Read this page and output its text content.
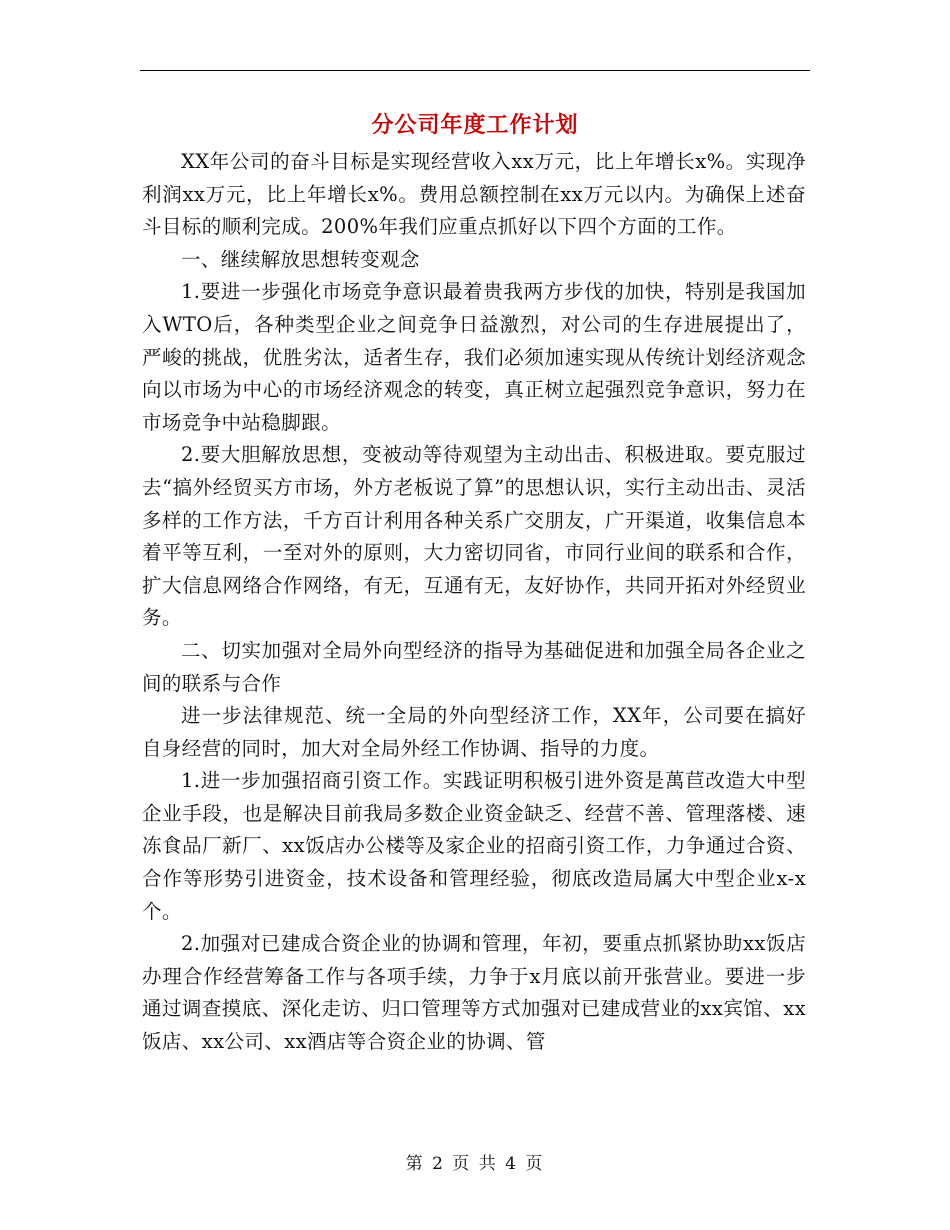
分公司年度工作计划

XX年公司的奋斗目标是实现经营收入xx万元，比上年增长x%。实现净利润xx万元，比上年增长x%。费用总额控制在xx万元以内。为确保上述奋斗目标的顺利完成。200%年我们应重点抓好以下四个方面的工作。

一、继续解放思想转变观念

1.要进一步强化市场竞争意识最着贵我两方步伐的加快，特别是我国加入WTO后，各种类型企业之间竞争日益激烈，对公司的生存进展提出了，严峻的挑战，优胜劣汰，适者生存，我们必须加速实现从传统计划经济观念向以市场为中心的市场经济观念的转变，真正树立起强烈竞争意识，努力在市场竞争中站稳脚跟。

2.要大胆解放思想，变被动等待观望为主动出击、积极进取。要克服过去“搞外经贸买方市场，外方老板说了算”的思想认识，实行主动出击、灵活多样的工作方法，千方百计利用各种关系广交朋友，广开渠道，收集信息本着平等互利，一至对外的原则，大力密切同省，市同行业间的联系和合作，扩大信息网络合作网络，有无，互通有无，友好协作，共同开拓对外经贸业务。

二、切实加强对全局外向型经济的指导为基础促进和加强全局各企业之间的联系与合作

进一步法律规范、统一全局的外向型经济工作，XX年，公司要在搞好自身经营的同时，加大对全局外经工作协调、指导的力度。

1.进一步加强招商引资工作。实践证明积极引进外资是萬苣改造大中型企业手段，也是解决目前我局多数企业资金缺乏、经营不善、管理落楼、速冻食品厂新厂、xx饭店办公楼等及家企业的招商引资工作，力争通过合资、合作等形势引进资金，技术设备和管理经验，彻底改造局属大中型企业x-x个。

2.加强对已建成合资企业的协调和管理，年初，要重点抓紧协助xx饭店办理合作经营筹备工作与各项手续，力争于x月底以前开张营业。要进一步通过调查摸底、深化走访、归口管理等方式加强对已建成营业的xx宾馆、xx饭店、xx公司、xx酒店等合资企业的协调、管

第 2 页 共 4 页
